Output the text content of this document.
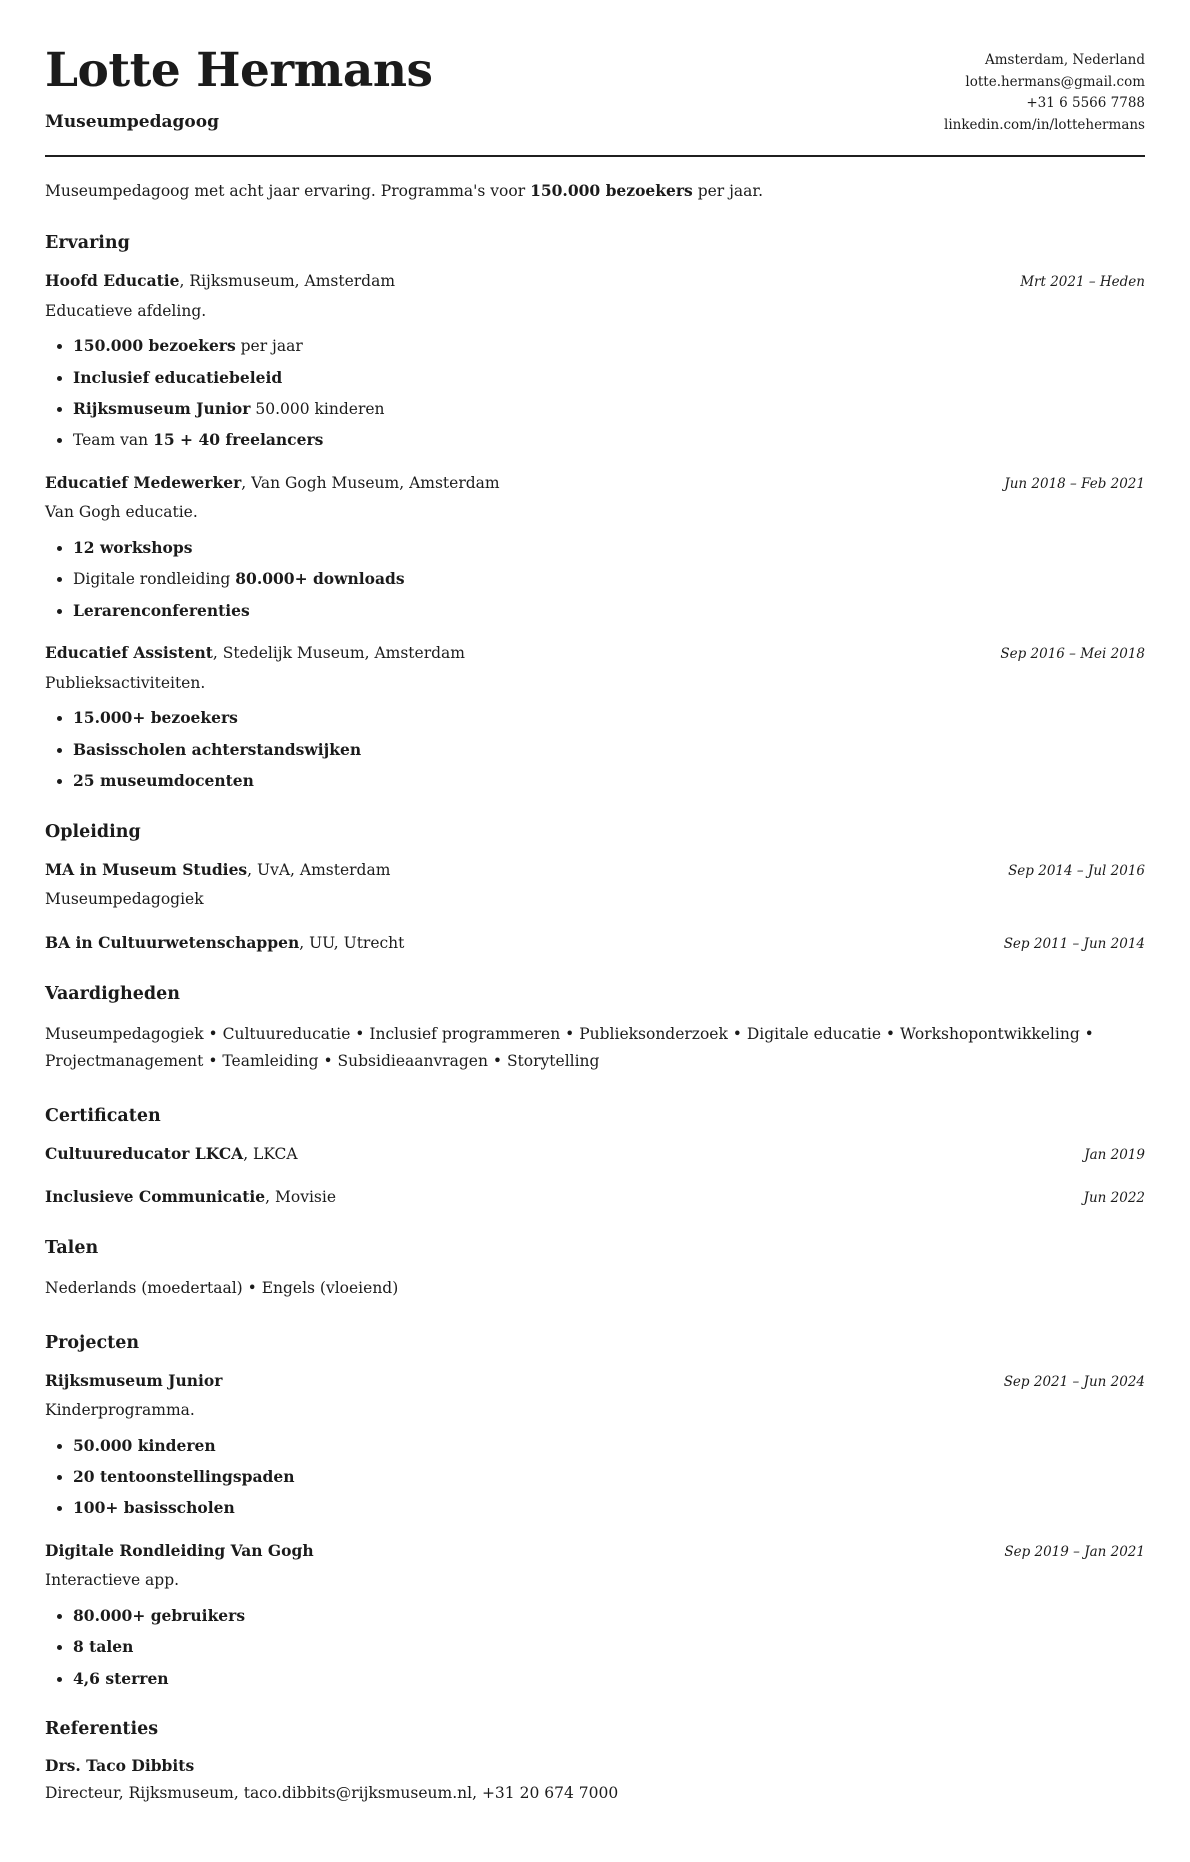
Lotte Hermans
Museumpedagoog
Amsterdam, Nederland
lotte.hermans@gmail.com
+31 6 5566 7788
linkedin.com/in/lottehermans

Museumpedagoog met acht jaar ervaring. Programma's voor 150.000 bezoekers per jaar.

Ervaring
Hoofd Educatie, Rijksmuseum, Amsterdam	Mrt 2021 – Heden
Educatieve afdeling.
• 150.000 bezoekers per jaar
• Inclusief educatiebeleid
• Rijksmuseum Junior 50.000 kinderen
• Team van 15 + 40 freelancers
Educatief Medewerker, Van Gogh Museum, Amsterdam	Jun 2018 – Feb 2021
Van Gogh educatie.
• 12 workshops
• Digitale rondleiding 80.000+ downloads
• Lerarenconferenties
Educatief Assistent, Stedelijk Museum, Amsterdam	Sep 2016 – Mei 2018
Publieksactiviteiten.
• 15.000+ bezoekers
• Basisscholen achterstandswijken
• 25 museumdocenten
Opleiding
MA in Museum Studies, UvA, Amsterdam	Sep 2014 – Jul 2016
Museumpedagogiek
BA in Cultuurwetenschappen, UU, Utrecht	Sep 2011 – Jun 2014
Vaardigheden

Museumpedagogiek • Cultuureducatie • Inclusief programmeren • Publieksonderzoek • Digitale educatie • Workshopontwikkeling • Projectmanagement • Teamleiding • Subsidieaanvragen • Storytelling

Certificaten
Cultuureducator LKCA, LKCA	Jan 2019
Inclusieve Communicatie, Movisie	Jun 2022
Talen

Nederlands (moedertaal) • Engels (vloeiend)

Projecten
Rijksmuseum Junior	Sep 2021 – Jun 2024
Kinderprogramma.
• 50.000 kinderen
• 20 tentoonstellingspaden
• 100+ basisscholen
Digitale Rondleiding Van Gogh	Sep 2019 – Jan 2021
Interactieve app.
• 80.000+ gebruikers
• 8 talen
• 4,6 sterren
Referenties
Drs. Taco Dibbits
Directeur, Rijksmuseum, taco.dibbits@rijksmuseum.nl, +31 20 674 7000
